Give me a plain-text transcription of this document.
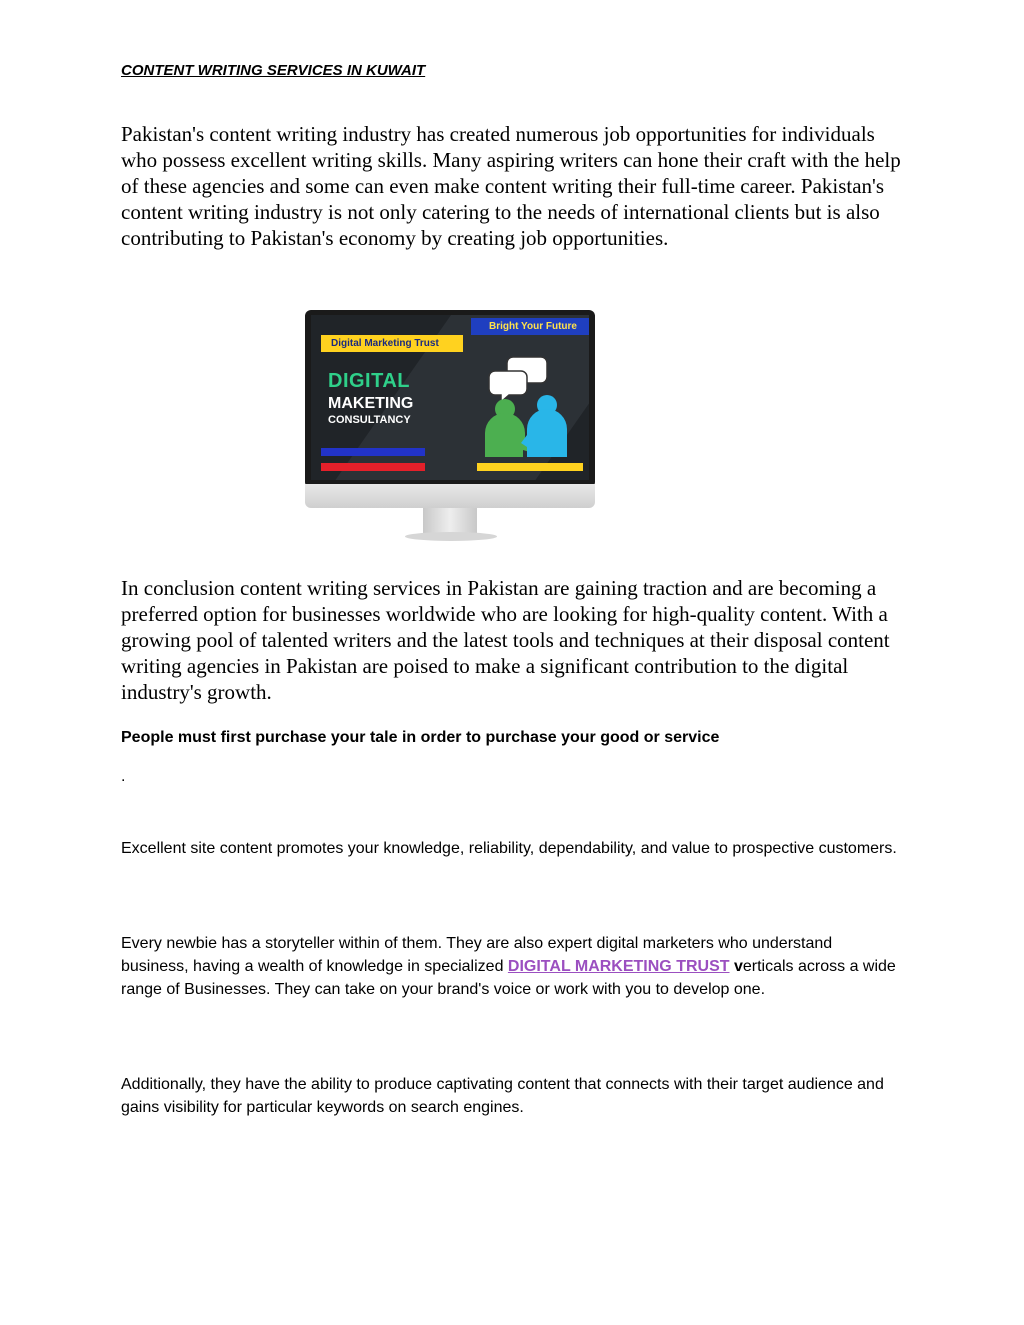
CONTENT WRITING SERVICES IN KUWAIT

Pakistan's content writing industry has created numerous job opportunities for individuals who possess excellent writing skills. Many aspiring writers can hone their craft with the help of these agencies and some can even make content writing their full-time career. Pakistan's content writing industry is not only catering to the needs of international clients but is also contributing to Pakistan's economy by creating job opportunities.

Bright Your Future
Digital Marketing Trust
DIGITAL
MAKETING
CONSULTANCY

In conclusion content writing services in Pakistan are gaining traction and are becoming a preferred option for businesses worldwide who are looking for high-quality content. With a growing pool of talented writers and the latest tools and techniques at their disposal content writing agencies in Pakistan are poised to make a significant contribution to the digital industry's growth.

People must first purchase your tale in order to purchase your good or service

.

Excellent site content promotes your knowledge, reliability, dependability, and value to prospective customers.

Every newbie has a storyteller within of them. They are also expert digital marketers who understand business, having a wealth of knowledge in specialized DIGITAL MARKETING TRUST verticals across a wide range of Businesses. They can take on your brand's voice or work with you to develop one.

Additionally, they have the ability to produce captivating content that connects with their target audience and gains visibility for particular keywords on search engines.
